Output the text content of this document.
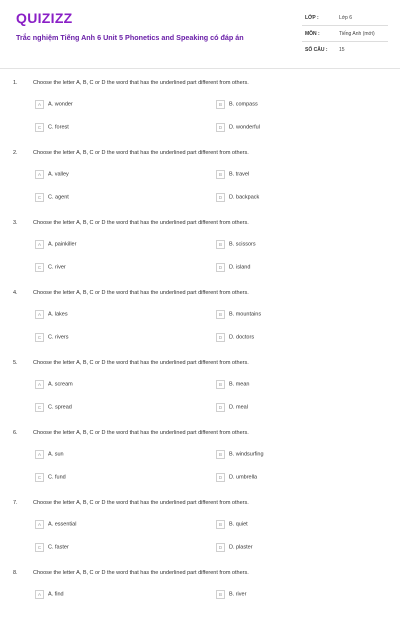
QUIZIZZ
Trắc nghiệm Tiếng Anh 6 Unit 5 Phonetics and Speaking có đáp án
LỚP :	Lớp 6
MÔN :	Tiếng Anh (mới)
SỐ CÂU : 15
1.	Choose the letter A, B, C or D the word that has the underlined part different from others.
A A. wonder	B B. compass
C C. forest	D D. wonderful
2.	Choose the letter A, B, C or D the word that has the underlined part different from others.
A A. valley	B B. travel
C C. agent	D D. backpack
3.	Choose the letter A, B, C or D the word that has the underlined part different from others.
A A. painkiller	B B. scissors
C C. river	D D. island
4.	Choose the letter A, B, C or D the word that has the underlined part different from others.
A A. lakes	B B. mountains
C C. rivers	D D. doctors
5.	Choose the letter A, B, C or D the word that has the underlined part different from others.
A A. scream	B B. mean
C C. spread	D D. meal
6.	Choose the letter A, B, C or D the word that has the underlined part different from others.
A A. sun	B B. windsurfing
C C. fund	D D. umbrella
7.	Choose the letter A, B, C or D the word that has the underlined part different from others.
A A. essential	B B. quiet
C C. faster	D D. plaster
8.	Choose the letter A, B, C or D the word that has the underlined part different from others.
A A. find	B B. river
